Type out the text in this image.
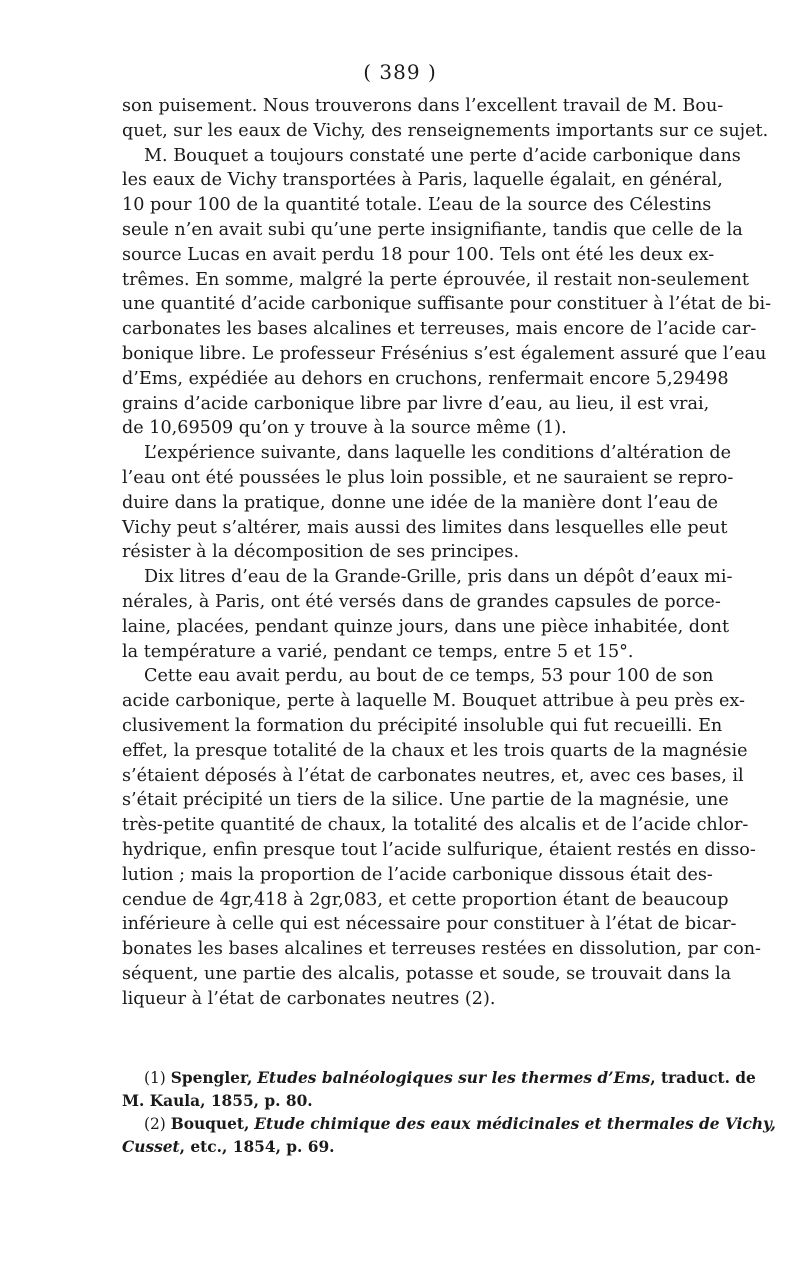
( 389 )
son puisement. Nous trouverons dans l’excellent travail de M. Bou-
quet, sur les eaux de Vichy, des renseignements importants sur ce sujet.
M. Bouquet a toujours constaté une perte d’acide carbonique dans
les eaux de Vichy transportées à Paris, laquelle égalait, en général,
10 pour 100 de la quantité totale. L’eau de la source des Célestins
seule n’en avait subi qu’une perte insignifiante, tandis que celle de la
source Lucas en avait perdu 18 pour 100. Tels ont été les deux ex-
trêmes. En somme, malgré la perte éprouvée, il restait non-seulement
une quantité d’acide carbonique suffisante pour constituer à l’état de bi-
carbonates les bases alcalines et terreuses, mais encore de l’acide car-
bonique libre. Le professeur Frésénius s’est également assuré que l’eau
d’Ems, expédiée au dehors en cruchons, renfermait encore 5,29498
grains d’acide carbonique libre par livre d’eau, au lieu, il est vrai,
de 10,69509 qu’on y trouve à la source même (1).
L’expérience suivante, dans laquelle les conditions d’altération de
l’eau ont été poussées le plus loin possible, et ne sauraient se repro-
duire dans la pratique, donne une idée de la manière dont l’eau de
Vichy peut s’altérer, mais aussi des limites dans lesquelles elle peut
résister à la décomposition de ses principes.
Dix litres d’eau de la Grande-Grille, pris dans un dépôt d’eaux mi-
nérales, à Paris, ont été versés dans de grandes capsules de porce-
laine, placées, pendant quinze jours, dans une pièce inhabitée, dont
la température a varié, pendant ce temps, entre 5 et 15°.
Cette eau avait perdu, au bout de ce temps, 53 pour 100 de son
acide carbonique, perte à laquelle M. Bouquet attribue à peu près ex-
clusivement la formation du précipité insoluble qui fut recueilli. En
effet, la presque totalité de la chaux et les trois quarts de la magnésie
s’étaient déposés à l’état de carbonates neutres, et, avec ces bases, il
s’était précipité un tiers de la silice. Une partie de la magnésie, une
très-petite quantité de chaux, la totalité des alcalis et de l’acide chlor-
hydrique, enfin presque tout l’acide sulfurique, étaient restés en disso-
lution ; mais la proportion de l’acide carbonique dissous était des-
cendue de 4gr,418 à 2gr,083, et cette proportion étant de beaucoup
inférieure à celle qui est nécessaire pour constituer à l’état de bicar-
bonates les bases alcalines et terreuses restées en dissolution, par con-
séquent, une partie des alcalis, potasse et soude, se trouvait dans la
liqueur à l’état de carbonates neutres (2).
(1) Spengler, Etudes balnéologiques sur les thermes d’Ems, traduct. de
M. Kaula, 1855, p. 80.
(2) Bouquet, Etude chimique des eaux médicinales et thermales de Vichy,
Cusset, etc., 1854, p. 69.
